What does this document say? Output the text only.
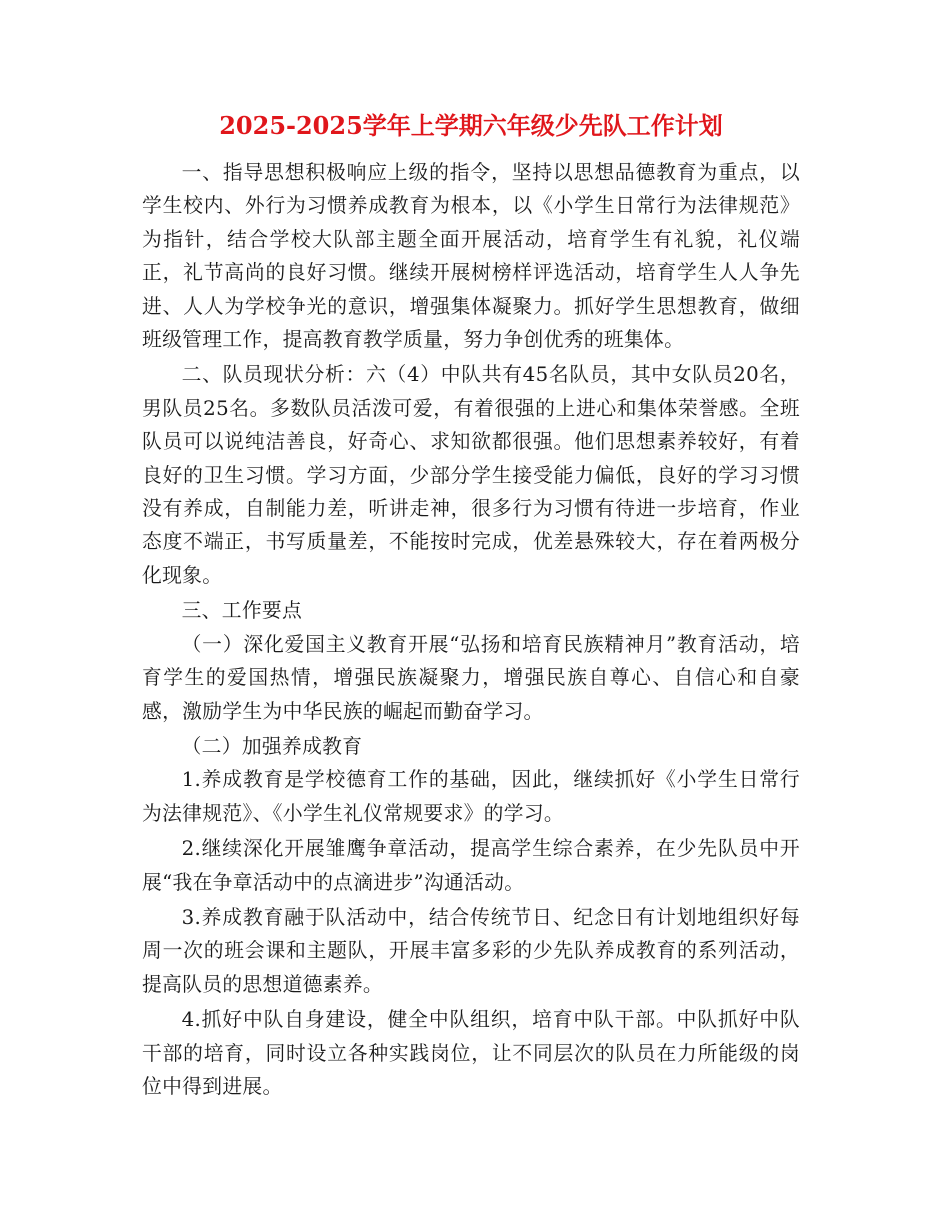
2025-2025学年上学期六年级少先队工作计划

一、指导思想积极响应上级的指令，坚持以思想品德教育为重点，以学生校内、外行为习惯养成教育为根本，以《小学生日常行为法律规范》为指针，结合学校大队部主题全面开展活动，培育学生有礼貌，礼仪端正，礼节高尚的良好习惯。继续开展树榜样评选活动，培育学生人人争先进、人人为学校争光的意识，增强集体凝聚力。抓好学生思想教育，做细班级管理工作，提高教育教学质量，努力争创优秀的班集体。

二、队员现状分析：六（4）中队共有45名队员，其中女队员20名，男队员25名。多数队员活泼可爱，有着很强的上进心和集体荣誉感。全班队员可以说纯洁善良，好奇心、求知欲都很强。他们思想素养较好，有着良好的卫生习惯。学习方面，少部分学生接受能力偏低，良好的学习习惯没有养成，自制能力差，听讲走神，很多行为习惯有待进一步培育，作业态度不端正，书写质量差，不能按时完成，优差悬殊较大，存在着两极分化现象。

三、工作要点

（一）深化爱国主义教育开展“弘扬和培育民族精神月”教育活动，培育学生的爱国热情，增强民族凝聚力，增强民族自尊心、自信心和自豪感，激励学生为中华民族的崛起而勤奋学习。

（二）加强养成教育

1.养成教育是学校德育工作的基础，因此，继续抓好《小学生日常行为法律规范》、《小学生礼仪常规要求》的学习。

2.继续深化开展雏鹰争章活动，提高学生综合素养，在少先队员中开展“我在争章活动中的点滴进步”沟通活动。

3.养成教育融于队活动中，结合传统节日、纪念日有计划地组织好每周一次的班会课和主题队，开展丰富多彩的少先队养成教育的系列活动，提高队员的思想道德素养。

4.抓好中队自身建设，健全中队组织，培育中队干部。中队抓好中队干部的培育，同时设立各种实践岗位，让不同层次的队员在力所能级的岗位中得到进展。
